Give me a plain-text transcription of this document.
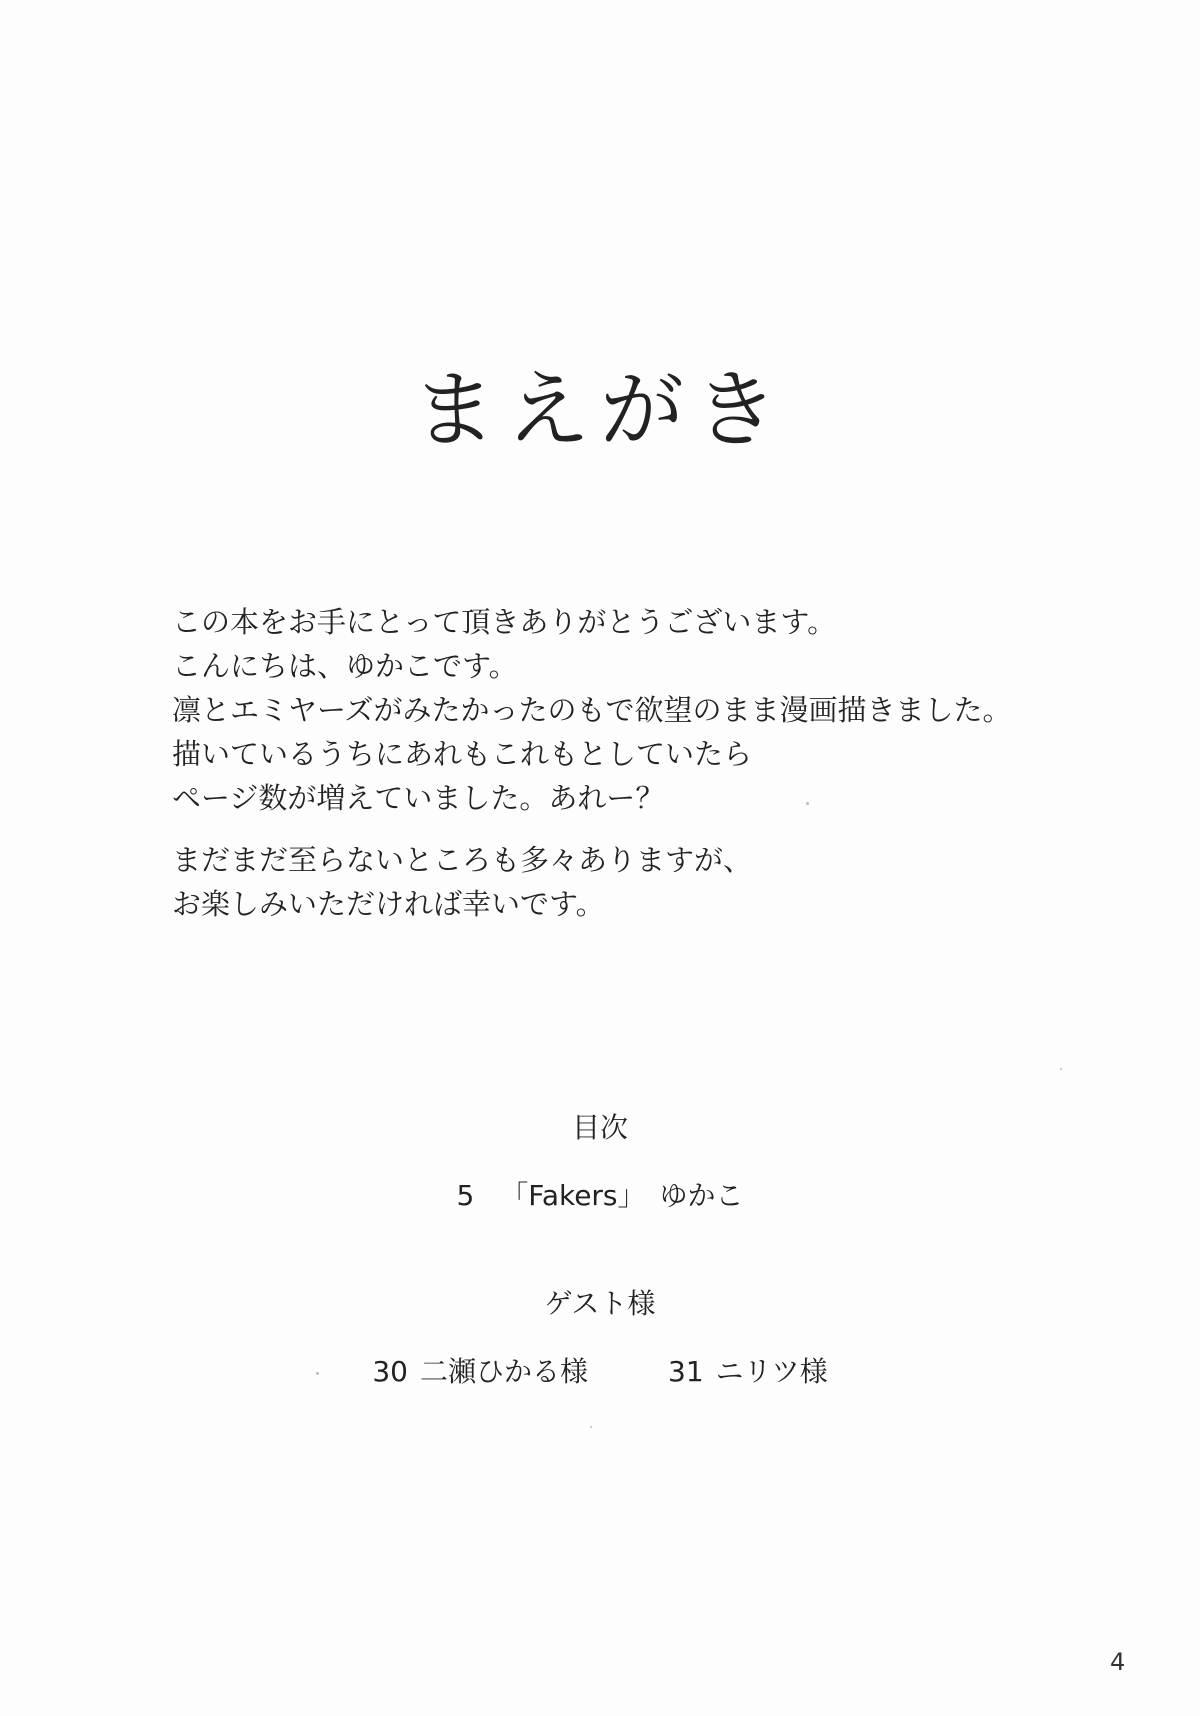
まえがき
この本をお手にとって頂きありがとうございます。
こんにちは、ゆかこです。
凛とエミヤーズがみたかったのもで欲望のまま漫画描きました。
描いているうちにあれもこれもとしていたら
ページ数が増えていました。あれー？
まだまだ至らないところも多々ありますが、
お楽しみいただければ幸いです。
目次
5 「Fakers」 ゆかこ
ゲスト様
30 二瀬ひかる様	31 ニリツ様
4
